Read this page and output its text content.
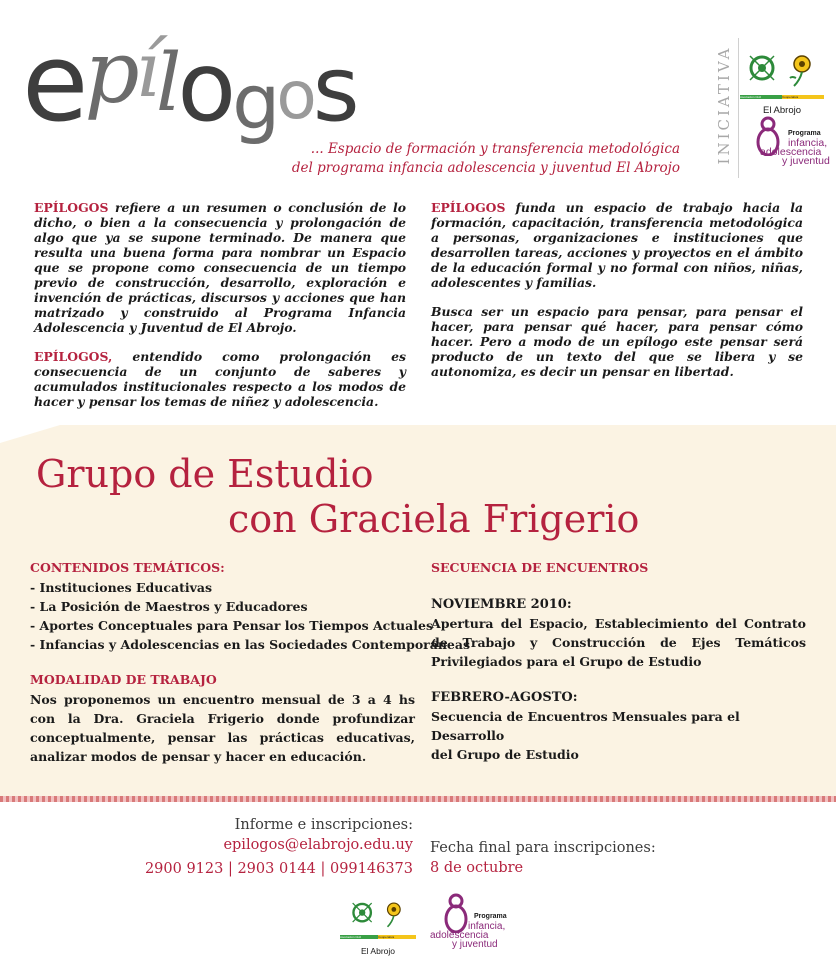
epílogos
... Espacio de formación y transferencia metodológica
del programa infancia adolescencia y juventud El Abrojo
INICIATIVA Asociación Civil	Cooperativa
El Abrojo
Programa
infancia,
adolescencia
y juventud

EPÍLOGOS refiere a un resumen o conclusión de lo dicho, o bien a la consecuencia y prolongación de algo que ya se supone terminado. De manera que resulta una buena forma para nombrar un Espacio que se propone como consecuencia de un tiempo previo de construcción, desarrollo, exploración e invención de prácticas, discursos y acciones que han matrizado y construido al Programa Infancia Adolescencia y Juventud de El Abrojo.

EPÍLOGOS, entendido como prolongación es consecuencia de un conjunto de saberes y acumulados institucionales respecto a los modos de hacer y pensar los temas de niñez y adolescencia.

EPÍLOGOS funda un espacio de trabajo hacia la formación, capacitación, transferencia metodológica a personas, organizaciones e instituciones que desarrollen tareas, acciones y proyectos en el ámbito de la educación formal y no formal con niños, niñas, adolescentes y familias.

Busca ser un espacio para pensar, para pensar el hacer, para pensar qué hacer, para pensar cómo hacer. Pero a modo de un epílogo este pensar será producto de un texto del que se libera y se autonomiza, es decir un pensar en libertad.

Grupo de Estudio
con Graciela Frigerio
CONTENIDOS TEMÁTICOS:
- Instituciones Educativas
- La Posición de Maestros y Educadores
- Aportes Conceptuales para Pensar los Tiempos Actuales
- Infancias y Adolescencias en las Sociedades Contemporáneas
MODALIDAD DE TRABAJO
Nos proponemos un encuentro mensual de 3 a 4 hs con la Dra. Graciela Frigerio donde profundizar conceptualmente, pensar las prácticas educativas, analizar modos de pensar y hacer en educación.
SECUENCIA DE ENCUENTROS
NOVIEMBRE 2010:
Apertura del Espacio, Establecimiento del Contrato de Trabajo y Construcción de Ejes Temáticos Privilegiados para el Grupo de Estudio
FEBRERO-AGOSTO:
Secuencia de Encuentros Mensuales para el Desarrollo
del Grupo de Estudio
Informe e inscripciones:
epilogos@elabrojo.edu.uy
2900 9123 | 2903 0144 | 099146373
Fecha final para inscripciones:
8 de octubre
Asociación Civil	Cooperativa
El Abrojo
Programa
infancia,
adolescencia
y juventud
